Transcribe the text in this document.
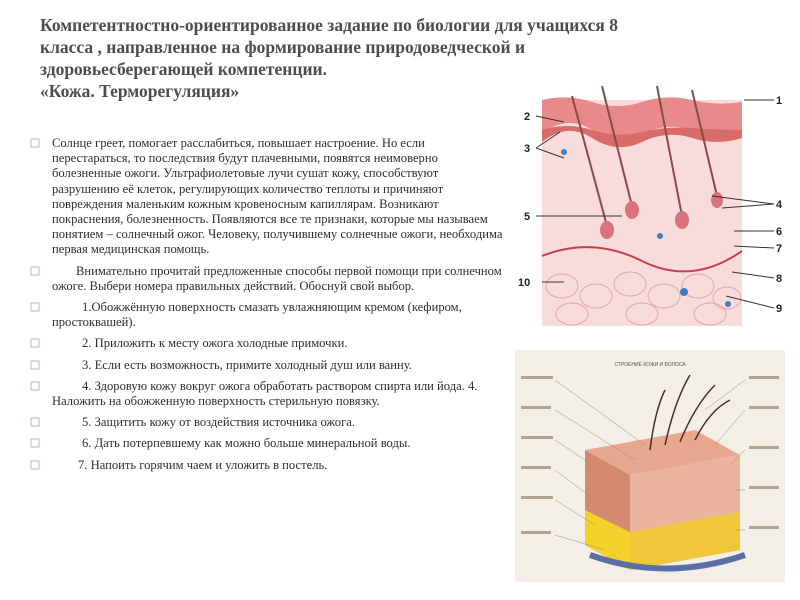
Компетентностно-ориентированное задание по биологии для учащихся 8
класса , направленное на формирование природоведческой и
здоровьесберегающей компетенции.
«Кожа. Терморегуляция»

Солнце греет, помогает расслабиться, повышает настроение. Но если перестараться, то последствия будут плачевными, появятся неимоверно болезненные ожоги. Ультрафиолетовые лучи сушат кожу, способствуют разрушению её клеток, регулирующих количество теплоты и причиняют повреждения маленьким кожным кровеносным капиллярам. Возникают покраснения, болезненность. Появляются все те признаки, которые мы называем понятием – солнечный ожог. Человеку, получившему солнечные ожоги, необходима первая медицинская помощь.

Внимательно прочитай предложенные способы первой помощи при солнечном ожоге. Выбери номера правильных действий. Обоснуй свой выбор.

1.Обожжённую поверхность смазать увлажняющим кремом (кефиром, простоквашей).

2. Приложить к месту ожога холодные примочки.

3. Если есть возможность, примите холодный душ или ванну.

4. Здоровую кожу вокруг ожога обработать раствором спирта или йода. 4. Наложить на обожженную поверхность стерильную повязку.

5. Защитить кожу от воздействия источника ожога.

6. Дать потерпевшему как можно больше минеральной воды.

7. Напоить горячим чаем и уложить в постель.

1
2
3
4
5
6
7
8
9
10
СТРОЕНИЕ КОЖИ И ВОЛОСА
